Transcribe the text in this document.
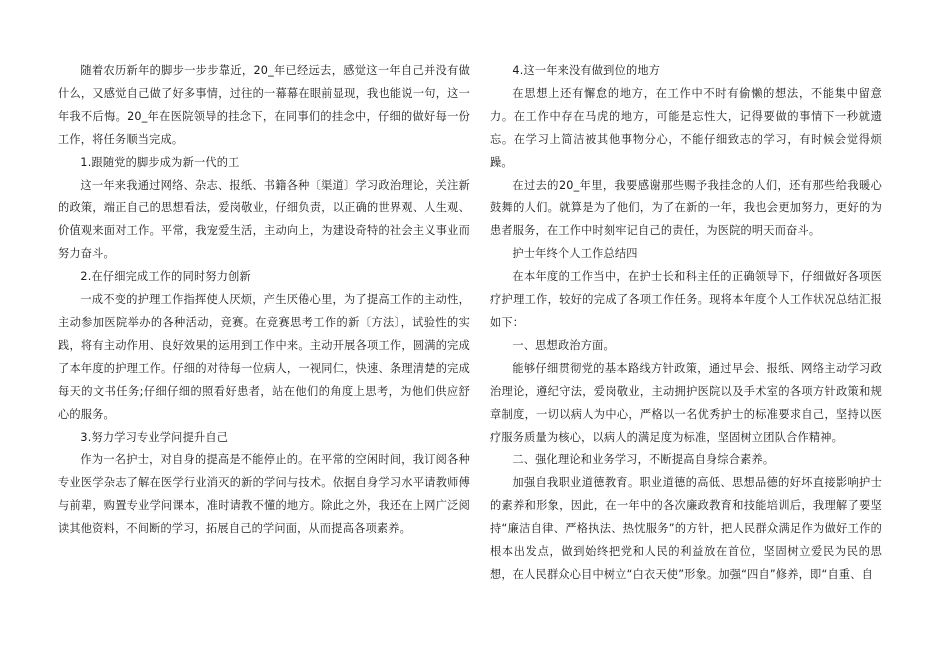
随着农历新年的脚步一步步靠近，20_年已经远去，感觉这一年自己并没有做什么，又感觉自己做了好多事情，过往的一幕幕在眼前显现，我也能说一句，这一年我不后悔。20_年在医院领导的挂念下，在同事们的挂念中，仔细的做好每一份工作，将任务顺当完成。

1.跟随党的脚步成为新一代的工

这一年来我通过网络、杂志、报纸、书籍各种〔渠道〕学习政治理论，关注新的政策，端正自己的思想看法，爱岗敬业，仔细负责，以正确的世界观、人生观、价值观来面对工作。平常，我宠爱生活，主动向上，为建设奇特的社会主义事业而努力奋斗。

2.在仔细完成工作的同时努力创新

一成不变的护理工作指挥使人厌烦，产生厌倦心里，为了提高工作的主动性，主动参加医院举办的各种活动，竞赛。在竞赛思考工作的新〔方法〕，试验性的实践，将有主动作用、良好效果的运用到工作中来。主动开展各项工作，圆满的完成了本年度的护理工作。仔细的对待每一位病人，一视同仁，快速、条理清楚的完成每天的文书任务;仔细仔细的照看好患者，站在他们的角度上思考，为他们供应舒心的服务。

3.努力学习专业学问提升自己

作为一名护士，对自身的提高是不能停止的。在平常的空闲时间，我订阅各种专业医学杂志了解在医学行业消灭的新的学问与技术。依据自身学习水平请教师傅与前辈，购置专业学问课本，准时请教不懂的地方。除此之外，我还在上网广泛阅读其他资料，不间断的学习，拓展自己的学问面，从而提高各项素养。

4.这一年来没有做到位的地方

在思想上还有懈怠的地方，在工作中不时有偷懒的想法，不能集中留意力。在工作中存在马虎的地方，可能是忘性大，记得要做的事情下一秒就遗忘。在学习上简洁被其他事物分心，不能仔细致志的学习，有时候会觉得烦躁。

在过去的20_年里，我要感谢那些赐予我挂念的人们，还有那些给我暖心鼓舞的人们。就算是为了他们，为了在新的一年，我也会更加努力，更好的为患者服务，在工作中时刻牢记自己的责任，为医院的明天而奋斗。

护士年终个人工作总结四

在本年度的工作当中，在护士长和科主任的正确领导下，仔细做好各项医疗护理工作，较好的完成了各项工作任务。现将本年度个人工作状况总结汇报如下：

一、思想政治方面。

能够仔细贯彻党的基本路线方针政策，通过早会、报纸、网络主动学习政治理论，遵纪守法，爱岗敬业，主动拥护医院以及手术室的各项方针政策和规章制度，一切以病人为中心，严格以一名优秀护士的标准要求自己，坚持以医疗服务质量为核心，以病人的满足度为标准，坚固树立团队合作精神。

二、强化理论和业务学习，不断提高自身综合素养。

加强自我职业道德教育。职业道德的高低、思想品德的好坏直接影响护士的素养和形象，因此，在一年中的各次廉政教育和技能培训后，我理解了要坚持“廉洁自律、严格执法、热忱服务”的方针，把人民群众满足作为做好工作的根本出发点，做到始终把党和人民的利益放在首位，坚固树立爱民为民的思想，在人民群众心目中树立“白衣天使”形象。加强“四自”修养，即“自重、自
